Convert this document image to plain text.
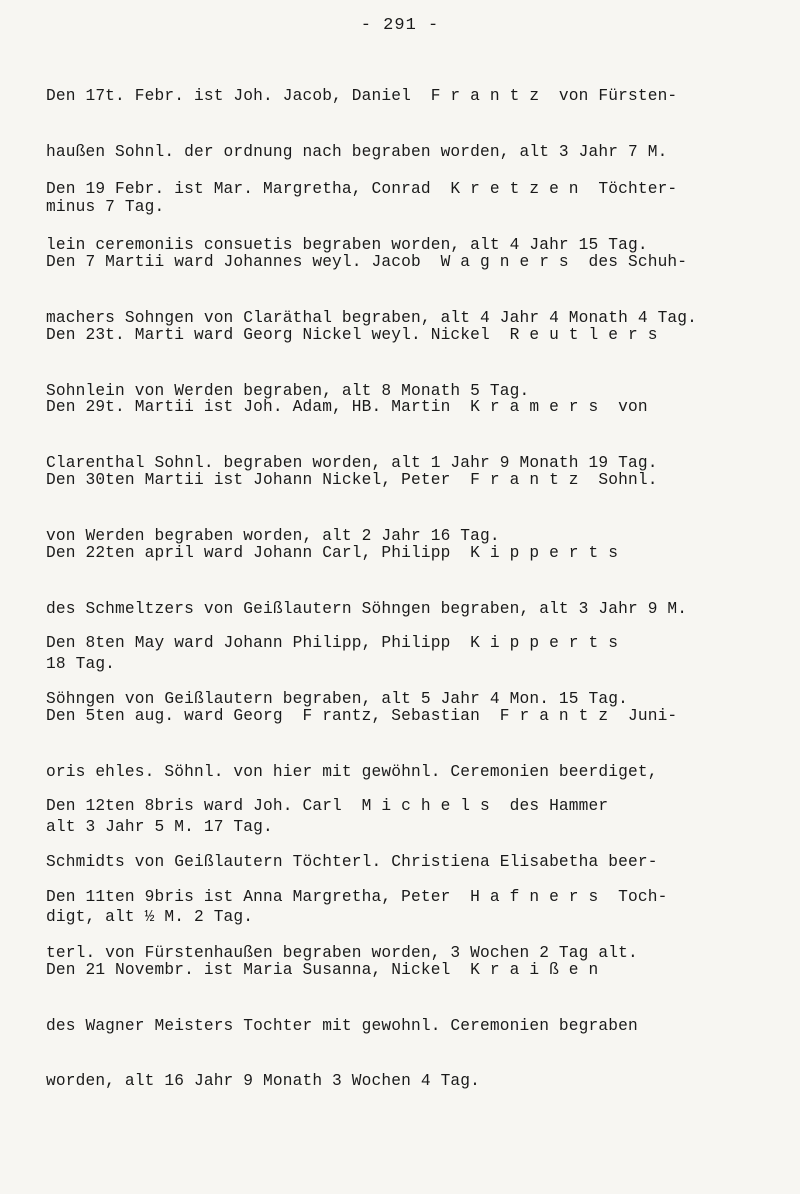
- 291 -

Den 17t. Febr. ist Joh. Jacob, Daniel  F r a n t z  von Fürsten-

haußen Sohnl. der ordnung nach begraben worden, alt 3 Jahr 7 M.

minus 7 Tag.

Den 19 Febr. ist Mar. Margretha, Conrad  K r e t z e n  Töchter-

lein ceremoniis consuetis begraben worden, alt 4 Jahr 15 Tag.

Den 7 Martii ward Johannes weyl. Jacob  W a g n e r s  des Schuh-

machers Sohngen von Claräthal begraben, alt 4 Jahr 4 Monath 4 Tag.

Den 23t. Marti ward Georg Nickel weyl. Nickel  R e u t l e r s

Sohnlein von Werden begraben, alt 8 Monath 5 Tag.

Den 29t. Martii ist Joh. Adam, HB. Martin  K r a m e r s  von

Clarenthal Sohnl. begraben worden, alt 1 Jahr 9 Monath 19 Tag.

Den 30ten Martii ist Johann Nickel, Peter  F r a n t z  Sohnl.

von Werden begraben worden, alt 2 Jahr 16 Tag.

Den 22ten april ward Johann Carl, Philipp  K i p p e r t s

des Schmeltzers von Geißlautern Söhngen begraben, alt 3 Jahr 9 M.

18 Tag.

Den 8ten May ward Johann Philipp, Philipp  K i p p e r t s

Söhngen von Geißlautern begraben, alt 5 Jahr 4 Mon. 15 Tag.

Den 5ten aug. ward Georg  F rantz, Sebastian  F r a n t z  Juni-

oris ehles. Söhnl. von hier mit gewöhnl. Ceremonien beerdiget,

alt 3 Jahr 5 M. 17 Tag.

Den 12ten 8bris ward Joh. Carl  M i c h e l s  des Hammer

Schmidts von Geißlautern Töchterl. Christiena Elisabetha beer-

digt, alt ½ M. 2 Tag.

Den 11ten 9bris ist Anna Margretha, Peter  H a f n e r s  Toch-

terl. von Fürstenhaußen begraben worden, 3 Wochen 2 Tag alt.

Den 21 Novembr. ist Maria Susanna, Nickel  K r a i ß e n

des Wagner Meisters Tochter mit gewohnl. Ceremonien begraben

worden, alt 16 Jahr 9 Monath 3 Wochen 4 Tag.
